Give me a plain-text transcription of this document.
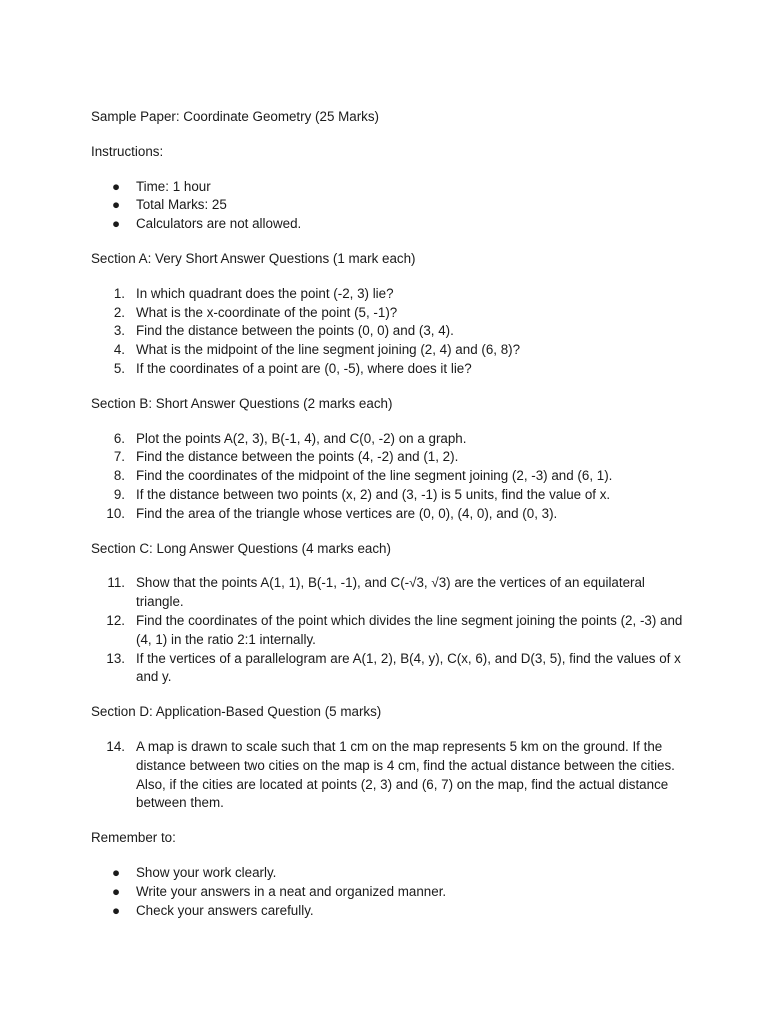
Sample Paper: Coordinate Geometry (25 Marks)

Instructions:

● Time: 1 hour
● Total Marks: 25
● Calculators are not allowed.

Section A: Very Short Answer Questions (1 mark each)

1. In which quadrant does the point (-2, 3) lie?
2. What is the x-coordinate of the point (5, -1)?
3. Find the distance between the points (0, 0) and (3, 4).
4. What is the midpoint of the line segment joining (2, 4) and (6, 8)?
5. If the coordinates of a point are (0, -5), where does it lie?

Section B: Short Answer Questions (2 marks each)

6. Plot the points A(2, 3), B(-1, 4), and C(0, -2) on a graph.
7. Find the distance between the points (4, -2) and (1, 2).
8. Find the coordinates of the midpoint of the line segment joining (2, -3) and (6, 1).
9. If the distance between two points (x, 2) and (3, -1) is 5 units, find the value of x.
10. Find the area of the triangle whose vertices are (0, 0), (4, 0), and (0, 3).

Section C: Long Answer Questions (4 marks each)

11. Show that the points A(1, 1), B(-1, -1), and C(-√3, √3) are the vertices of an equilateral triangle.
12. Find the coordinates of the point which divides the line segment joining the points (2, -3) and (4, 1) in the ratio 2:1 internally.
13. If the vertices of a parallelogram are A(1, 2), B(4, y), C(x, 6), and D(3, 5), find the values of x and y.

Section D: Application-Based Question (5 marks)

14. A map is drawn to scale such that 1 cm on the map represents 5 km on the ground. If the distance between two cities on the map is 4 cm, find the actual distance between the cities. Also, if the cities are located at points (2, 3) and (6, 7) on the map, find the actual distance between them.

Remember to:

● Show your work clearly.
● Write your answers in a neat and organized manner.
● Check your answers carefully.
